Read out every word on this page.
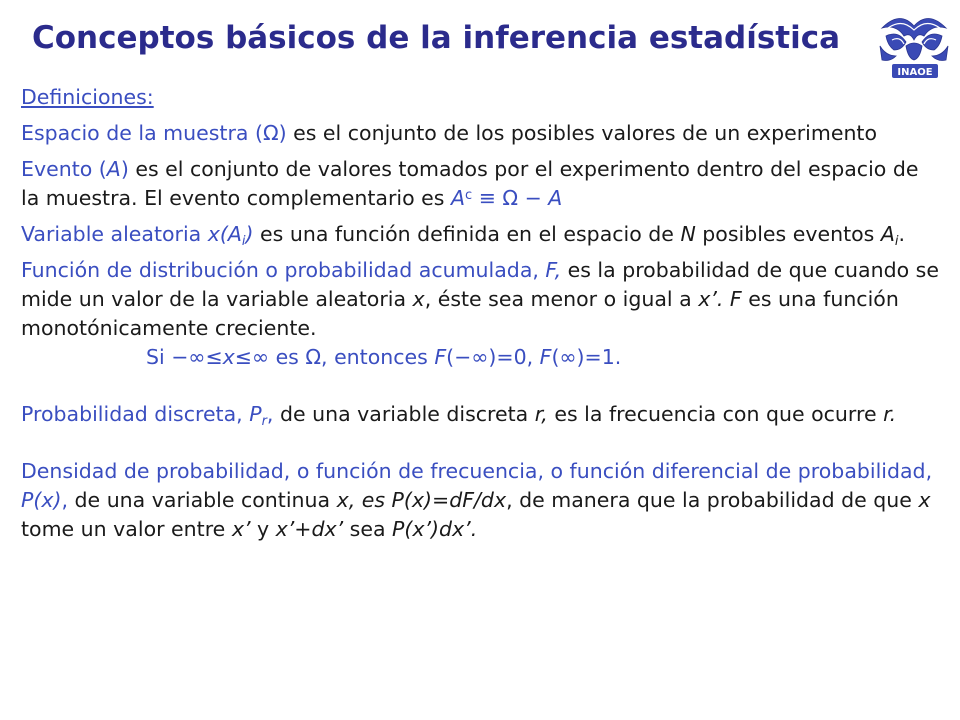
Conceptos básicos de la inferencia estadística
INAOE

Definiciones:

Espacio de la muestra (Ω) es el conjunto de los posibles valores de un experimento

Evento (A) es el conjunto de valores tomados por el experimento dentro del espacio de la muestra. El evento complementario es $A^c \equiv \Omega - A$

Variable aleatoria $x(A_i)$ es una función definida en el espacio de N posibles eventos $A_i$.

Función de distribución o probabilidad acumulada, F, es la probabilidad de que cuando se mide un valor de la variable aleatoria x, éste sea menor o igual a x’. F es una función monotónicamente creciente.

Si −∞≤x≤∞ es Ω, entonces F(−∞)=0, F(∞)=1.

Probabilidad discreta, $P_r$, de una variable discreta r, es la frecuencia con que ocurre r.

Densidad de probabilidad, o función de frecuencia, o función diferencial de probabilidad, P(x), de una variable continua x, es P(x)=dF/dx, de manera que la probabilidad de que x tome un valor entre x’ y x’+dx’ sea P(x’)dx’.
